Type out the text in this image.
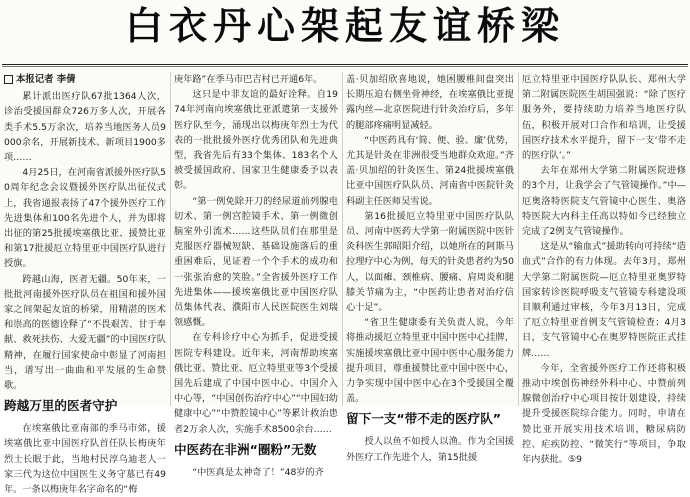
白衣丹心架起友谊桥梁

本报记者 李倩

累计派出医疗队67批1364人次，诊治受援国群众726万多人次，开展各类手术5.5万余次，培养当地医务人员9000余名，开展新技术、新项目1900多项……

4月25日，在河南省派援外医疗队50周年纪念会议暨援外医疗队出征仪式上，我省通报表扬了47个援外医疗工作先进集体和100名先进个人，并为即将出征的第25批援埃塞俄比亚、援赞比亚和第17批援厄立特里亚中国医疗队进行授旗。

跨越山海，医者无疆。50年来，一批批河南援外医疗队员在祖国和援外国家之间架起友谊的桥梁，用精湛的医术和崇高的医德诠释了“不畏艰苦、甘于奉献、救死扶伤、大爱无疆”的中国医疗队精神，在履行国家使命中彰显了河南担当，谱写出一曲曲和平发展的生命赞歌。

跨越万里的医者守护

在埃塞俄比亚南部的季马市郊，援埃塞俄比亚中国医疗队首任队长梅庚年烈士长眠于此，当地村民淳乌迪老人一家三代为这位中国医生义务守墓已有49年。一条以梅庚年名字命名的“梅

庚年路”在季马市巴吉村已开通6年。

这只是中非友谊的最好诠释。自1974年河南向埃塞俄比亚派遣第一支援外医疗队至今，涌现出以梅庚年烈士为代表的一批批援外医疗优秀团队和先进典型，我省先后有33个集体、183名个人被受援国政府、国家卫生健康委予以表彰。

“第一例免除开刀的经尿道前列腺电切术、第一例宫腔镜手术、第一例微创脑室外引流术……这些队员们在那里是克服医疗器械短缺、基础设施落后的重重困难后，见证着一个个手术的成功和一张张治愈的笑脸。”全省援外医疗工作先进集体——援埃塞俄比亚中国医疗队员集体代表、濮阳市人民医院医生刘瑞领感慨。

在专科诊疗中心为抓手，促进受援医院专科建设。近年来，河南帮助埃塞俄比亚、赞比亚、厄立特里亚等3个受援国先后建成了中国中医中心、中国介入中心等，“中国创伤治疗中心”“中国妇幼健康中心”“中赞腔镜中心”等累计救治患者2万余人次，实施手术8500余台……

中医药在非洲“圈粉”无数

“中医真是太神奇了！”48岁的齐

盖·贝加绍欣喜地说，她困腰椎间盘突出长期压迫右侧坐骨神经，在埃塞俄比亚提露内丝—北京医院进行针灸治疗后，多年的腿部疼痛明显减轻。

“中医药具有‘简、便、验、廉’优势，尤其是针灸在非洲很受当地群众欢迎。”齐盖·贝加绍的针灸医生、第24批援埃塞俄比亚中国医疗队队员、河南省中医院针灸科副主任医师吴雪说。

第16批援厄立特里亚中国医疗队队员、河南中医药大学第一附属医院中医针灸科医生郭昭阳介绍，以她所在的阿斯马拉理疗中心为例，每天的针灸患者约为50人，以面瘫、颈椎病、腰痛、肩周炎和腿膝关节痛为主，“中医药让患者对治疗信心十足”。

“省卫生健康委有关负责人说，今年将推动援厄立特里亚中国中医中心挂牌，实施援埃塞俄比亚中国中医中心服务能力提升项目，尊重援赞比亚中国中医中心，力争实现中国中医中心在3个受援国全覆盖。

留下一支“带不走的医疗队”

授人以鱼不如授人以渔。作为全国援外医疗工作先进个人，第15批援

厄立特里亚中国医疗队队长、郑州大学第二附属医院医生胡国强说：“除了医疗服务外，要持续助力培养当地医疗队伍，积极开展对口合作和培训，让受援国医疗技术水平提升，留下一支‘带不走的医疗队’。”

去年在郑州大学第二附属医院进修的3个月，让我学会了气管镜操作。”中—厄奥洛特医院支气管镜中心医生、奥洛特医院大内科主任高以特如今已经独立完成了2例支气管镜操作。

这是从“输血式”援助转向可持续“造血式”合作的有力体现。去年3月，郑州大学第二附属医院—厄立特里亚奥罗特国家转诊医院呼吸支气管镜专科建设项目顺利通过审核，今年3月13日，完成了厄立特里亚首例支气管镜检查；4月3日，支气管镜中心在奥罗特医院正式挂牌……

今年，全省援外医疗工作还将积极推动中埃创伤神经外科中心、中赞前列腺微创治疗中心项目按计划建设，持续提升受援医院综合能力。同时，申请在赞比亚开展实用技术培训，糖尿病防控、疟疾防控、“微笑行”等项目，争取年内获批。⑤9
